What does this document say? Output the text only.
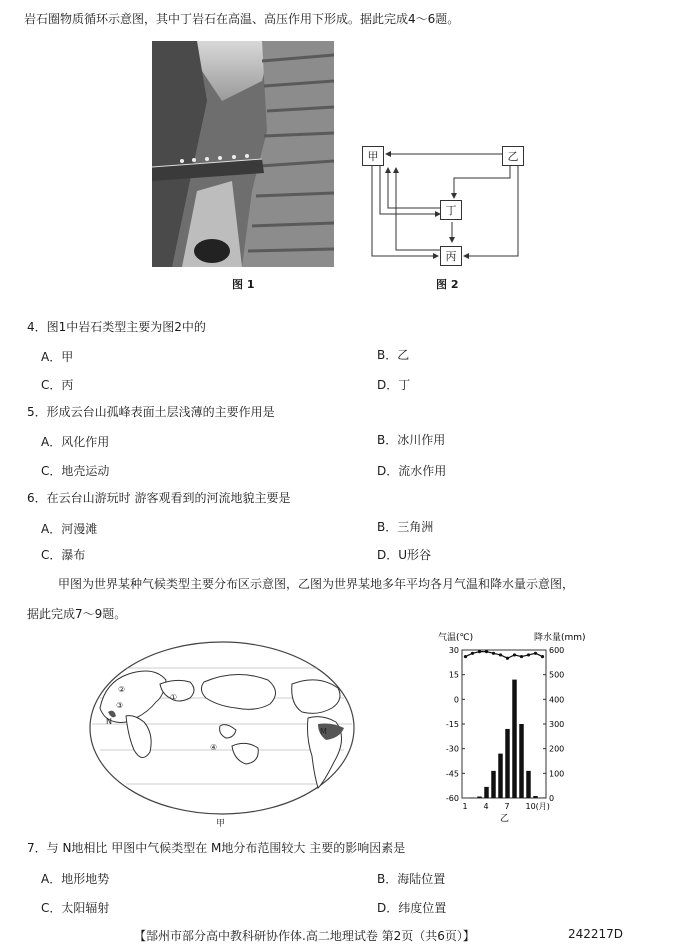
岩石圈物质循环示意图，其中丁岩石在高温、高压作用下形成。据此完成4～6题。
图 1
甲	乙
丁
丙
图 2
4．图1中岩石类型主要为图2中的
A．甲	B．乙
C．丙	D．丁
5．形成云台山孤峰表面土层浅薄的主要作用是
A．风化作用	B．冰川作用
C．地壳运动	D．流水作用
6．在云台山游玩时 游客观看到的河流地貌主要是
A．河漫滩	B．三角洲
C．瀑布	D．U形谷
甲图为世界某种气候类型主要分布区示意图，乙图为世界某地多年平均各月气温和降水量示意图，
据此完成7～9题。
①
②
③
④
N
M
甲
气温(℃)	降水量(mm)
30
15
0
-15
-30
-45
-60
600
500
400
300
200
100
0
1 4 7 10(月)
乙
7．与 N地相比 甲图中气候类型在 M地分布范围较大 主要的影响因素是
A．地形地势	B．海陆位置
C．太阳辐射	D．纬度位置
【郜州市部分高中教科研协作体.高二地理试卷 第2页（共6页）】	242217D
